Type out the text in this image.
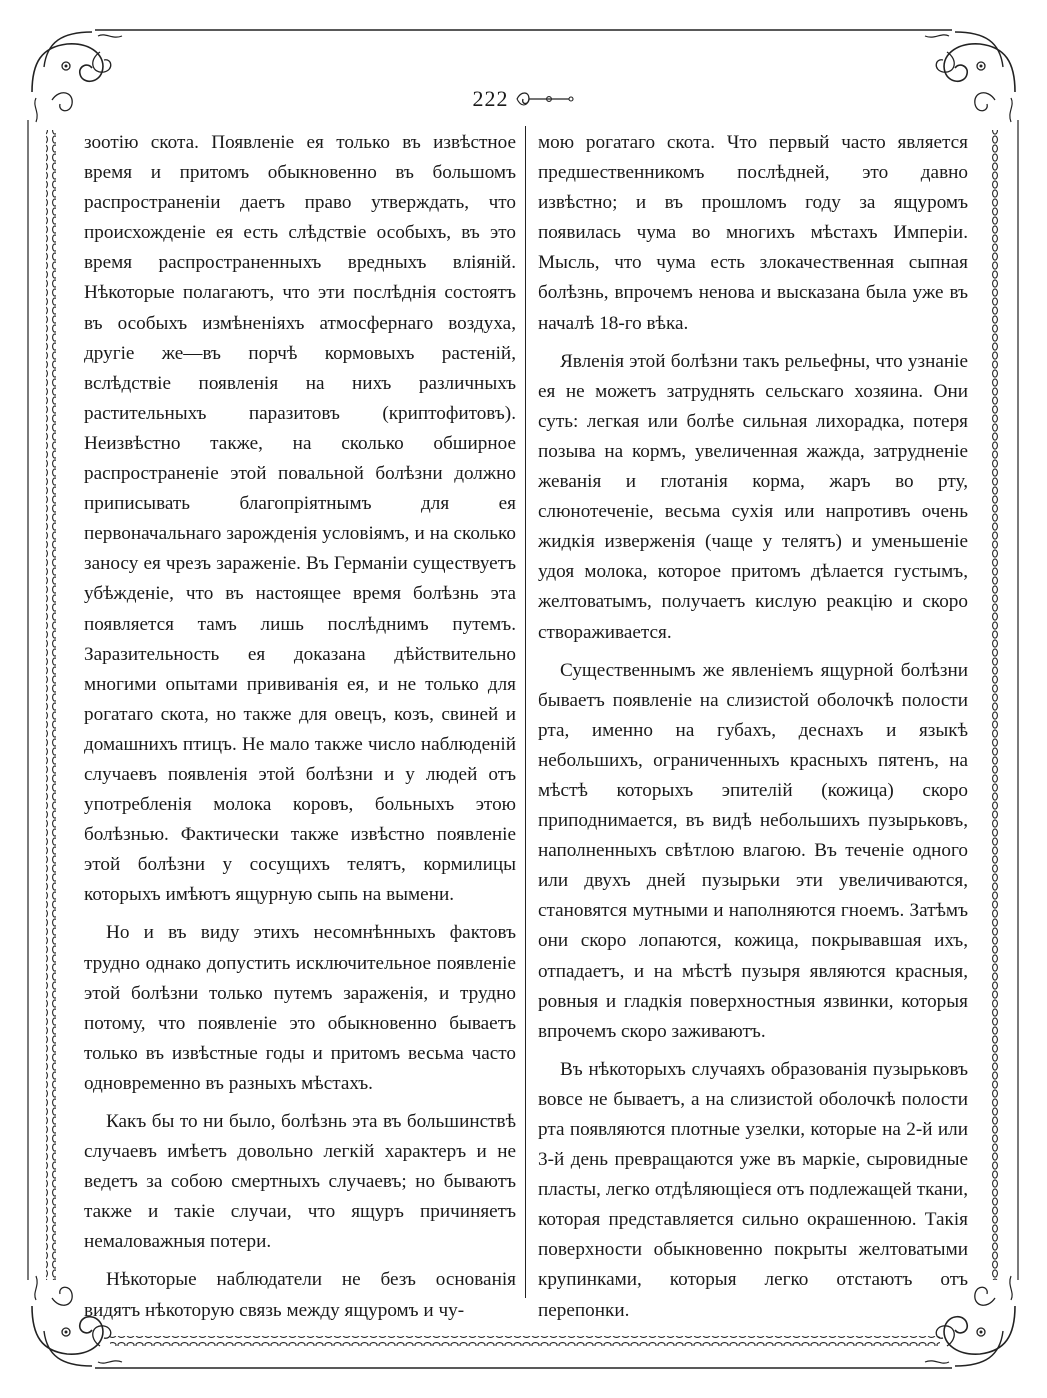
222

зоотію скота. Появленіе ея только въ извѣстное время и притомъ обыкновенно въ большомъ распространеніи даетъ право утверждать, что происхожденіе ея есть слѣдствіе особыхъ, въ это время распространенныхъ вредныхъ вліяній. Нѣкоторые полагаютъ, что эти послѣднія состоятъ въ особыхъ измѣненіяхъ атмосфернаго воздуха, другіе же—въ порчѣ кормовыхъ растеній, вслѣдствіе появленія на нихъ различныхъ растительныхъ паразитовъ (криптофитовъ). Неизвѣстно также, на сколько обширное распространеніе этой повальной болѣзни должно приписывать благопріятнымъ для ея первоначальнаго зарожденія условіямъ, и на сколько заносу ея чрезъ зараженіе. Въ Германіи существуетъ убѣжденіе, что въ настоящее время болѣзнь эта появляется тамъ лишь послѣднимъ путемъ. Заразительность ея доказана дѣйствительно многими опытами прививанія ея, и не только для рогатаго скота, но также для овецъ, козъ, свиней и домашнихъ птицъ. Не мало также число наблюденій случаевъ появленія этой болѣзни и у людей отъ употребленія молока коровъ, больныхъ этою болѣзнью. Фактически также извѣстно появленіе этой болѣзни у сосущихъ телятъ, кормилицы которыхъ имѣютъ ящурную сыпь на вымени.

Но и въ виду этихъ несомнѣнныхъ фактовъ трудно однако допустить исключительное появленіе этой болѣзни только путемъ зараженія, и трудно потому, что появленіе это обыкновенно бываетъ только въ извѣстные годы и притомъ весьма часто одновременно въ разныхъ мѣстахъ.

Какъ бы то ни было, болѣзнь эта въ большинствѣ случаевъ имѣетъ довольно легкій характеръ и не ведетъ за собою смертныхъ случаевъ; но бываютъ также и такіе случаи, что ящуръ причиняетъ немаловажныя потери.

Нѣкоторые наблюдатели не безъ основанія видятъ нѣкоторую связь между ящуромъ и чу-

мою рогатаго скота. Что первый часто является предшественникомъ послѣдней, это давно извѣстно; и въ прошломъ году за ящуромъ появилась чума во многихъ мѣстахъ Имперіи. Мысль, что чума есть злокачественная сыпная болѣзнь, впрочемъ ненова и высказана была уже въ началѣ 18-го вѣка.

Явленія этой болѣзни такъ рельефны, что узнаніе ея не можетъ затруднять сельскаго хозяина. Они суть: легкая или болѣе сильная лихорадка, потеря позыва на кормъ, увеличенная жажда, затрудненіе жеванія и глотанія корма, жаръ во рту, слюнотеченіе, весьма сухія или напротивъ очень жидкія изверженія (чаще у телятъ) и уменьшеніе удоя молока, которое притомъ дѣлается густымъ, желтоватымъ, получаетъ кислую реакцію и скоро створаживается.

Существеннымъ же явленіемъ ящурной болѣзни бываетъ появленіе на слизистой оболочкѣ полости рта, именно на губахъ, деснахъ и языкѣ небольшихъ, ограниченныхъ красныхъ пятенъ, на мѣстѣ которыхъ эпителій (кожица) скоро приподнимается, въ видѣ небольшихъ пузырьковъ, наполненныхъ свѣтлою влагою. Въ теченіе одного или двухъ дней пузырьки эти увеличиваются, становятся мутными и наполняются гноемъ. Затѣмъ они скоро лопаются, кожица, покрывавшая ихъ, отпадаетъ, и на мѣстѣ пузыря являются красныя, ровныя и гладкія поверхностныя язвинки, которыя впрочемъ скоро заживаютъ.

Въ нѣкоторыхъ случаяхъ образованія пузырьковъ вовсе не бываетъ, а на слизистой оболочкѣ полости рта появляются плотные узелки, которые на 2-й или 3-й день превращаются уже въ маркіе, сыровидные пласты, легко отдѣляющіеся отъ подлежащей ткани, которая представляется сильно окрашенною. Такія поверхности обыкновенно покрыты желтоватыми крупинками, которыя легко отстаютъ отъ перепонки.
